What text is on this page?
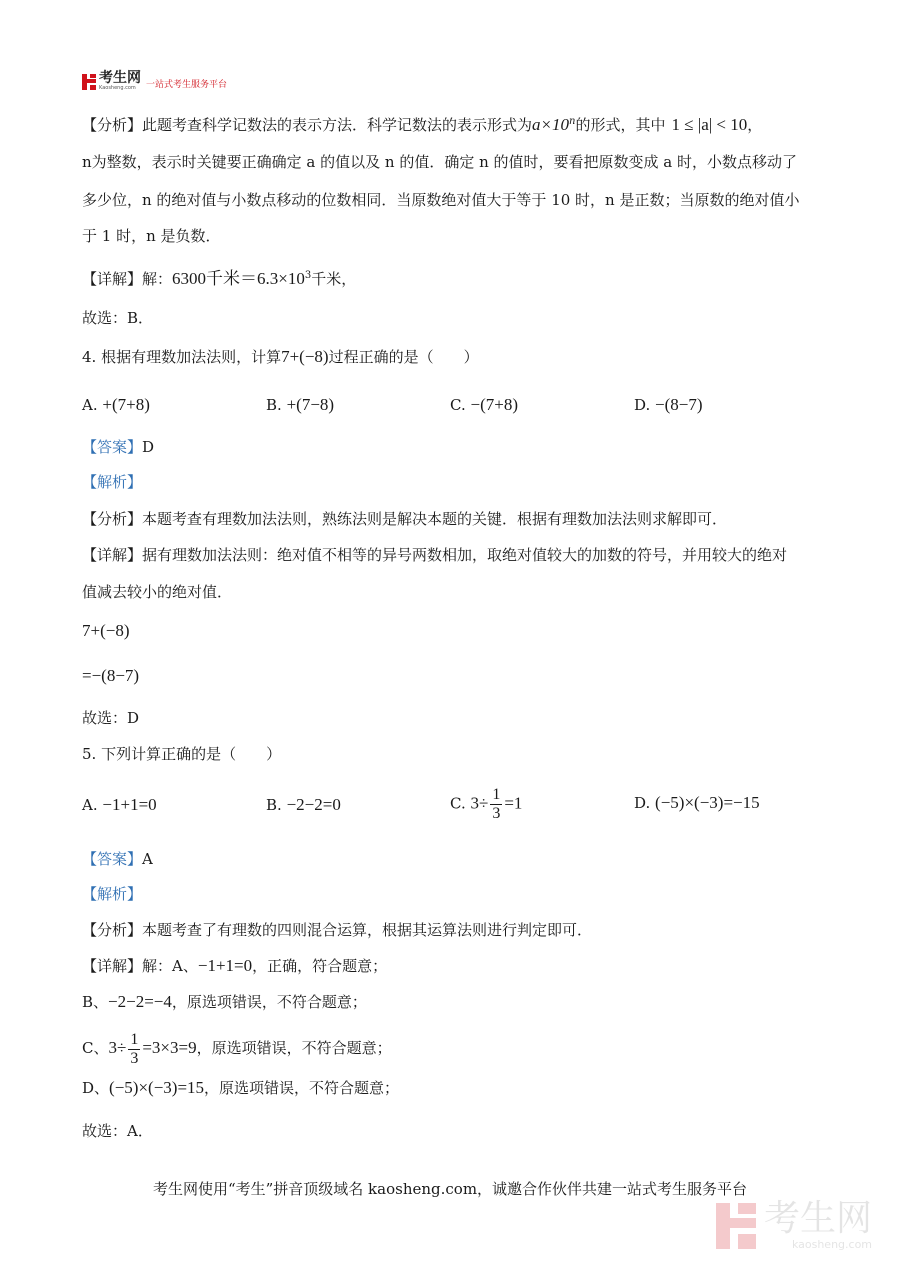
考生网
Kaosheng.com	一站式考生服务平台
【分析】此题考查科学记数法的表示方法．科学记数法的表示形式为$a\times 10^n$的形式，其中 1 ≤ |a| < 10，
n为整数，表示时关键要正确确定 a 的值以及 n 的值．确定 n 的值时，要看把原数变成 a 时，小数点移动了
多少位，n 的绝对值与小数点移动的位数相同．当原数绝对值大于等于 10 时，n 是正数；当原数的绝对值小
于 1 时，n 是负数．
【详解】解：6300千米$=6.3\times 10^3$千米，
故选：B．
4. 根据有理数加法法则，计算7+(−8)过程正确的是（　　）
A. +(7+8)	B. +(7−8)	C. −(7+8)	D. −(8−7)
【答案】D
【解析】
【分析】本题考查有理数加法法则，熟练法则是解决本题的关键．根据有理数加法法则求解即可．
【详解】据有理数加法法则：绝对值不相等的异号两数相加，取绝对值较大的加数的符号，并用较大的绝对
值减去较小的绝对值．
7+(−8)
=−(8−7)
故选：D
5. 下列计算正确的是（　　）
A. −1+1=0	B. −2−2=0	C. $3\div \frac{1}{3} =1$	D. (−5)×(−3)=−15
【答案】A
【解析】
【分析】本题考查了有理数的四则混合运算，根据其运算法则进行判定即可．
【详解】解：A、−1+1=0，正确，符合题意；
B、−2−2=−4，原选项错误，不符合题意；
C、$3\div \frac{1}{3} =3\times 3=9$，原选项错误，不符合题意；
D、(−5)×(−3)=15，原选项错误，不符合题意；
故选：A．
考生网使用“考生”拼音顶级域名 kaosheng.com，诚邀合作伙伴共建一站式考生服务平台
考生网
kaosheng.com
